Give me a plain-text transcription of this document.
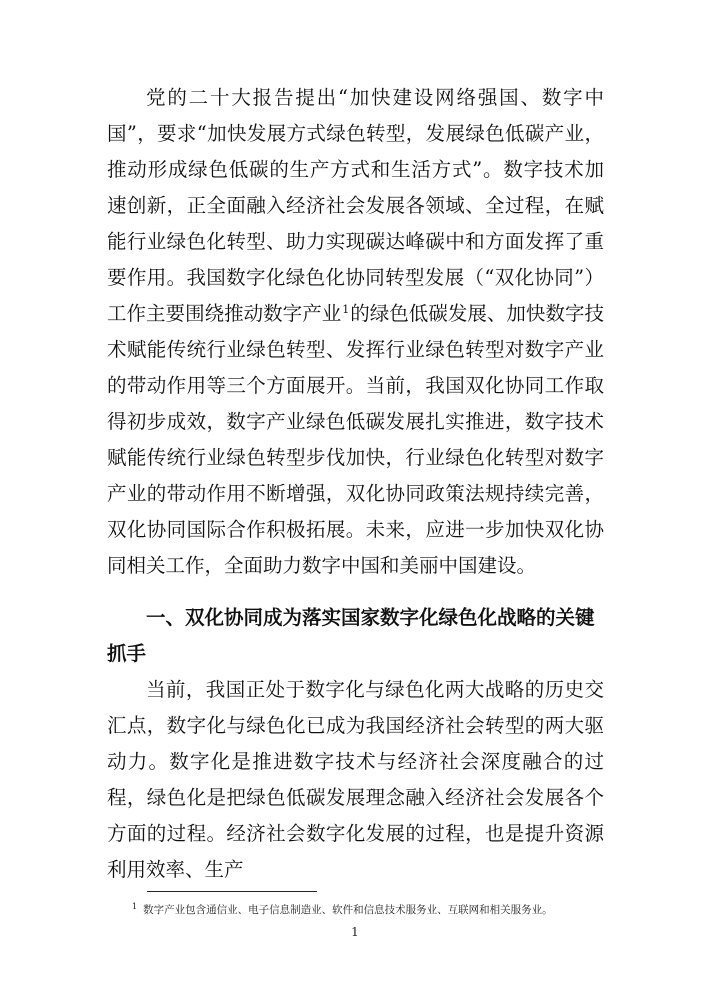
党的二十大报告提出“加快建设网络强国、数字中国”，要求“加快发展方式绿色转型，发展绿色低碳产业，推动形成绿色低碳的生产方式和生活方式”。数字技术加速创新，正全面融入经济社会发展各领域、全过程，在赋能行业绿色化转型、助力实现碳达峰碳中和方面发挥了重要作用。我国数字化绿色化协同转型发展（“双化协同”）工作主要围绕推动数字产业$^1$的绿色低碳发展、加快数字技术赋能传统行业绿色转型、发挥行业绿色转型对数字产业的带动作用等三个方面展开。当前，我国双化协同工作取得初步成效，数字产业绿色低碳发展扎实推进，数字技术赋能传统行业绿色转型步伐加快，行业绿色化转型对数字产业的带动作用不断增强，双化协同政策法规持续完善，双化协同国际合作积极拓展。未来，应进一步加快双化协同相关工作，全面助力数字中国和美丽中国建设。

一、双化协同成为落实国家数字化绿色化战略的关键抓手

当前，我国正处于数字化与绿色化两大战略的历史交汇点，数字化与绿色化已成为我国经济社会转型的两大驱动力。数字化是推进数字技术与经济社会深度融合的过程，绿色化是把绿色低碳发展理念融入经济社会发展各个方面的过程。经济社会数字化发展的过程，也是提升资源利用效率、生产

$^1$ 数字产业包含通信业、电子信息制造业、软件和信息技术服务业、互联网和相关服务业。
1
